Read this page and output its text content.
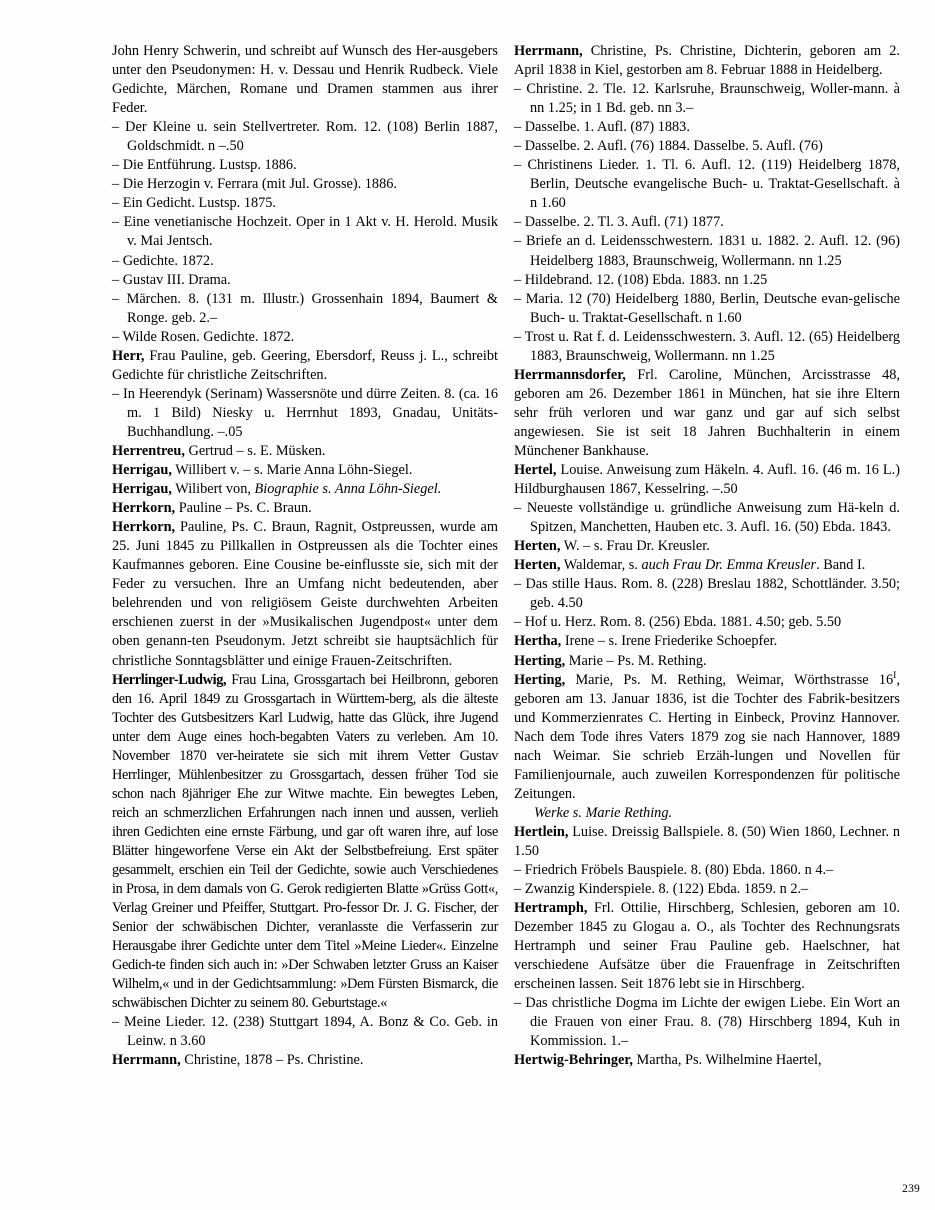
John Henry Schwerin, und schreibt auf Wunsch des Her-ausgebers unter den Pseudonymen: H. v. Dessau und Henrik Rudbeck. Viele Gedichte, Märchen, Romane und Dramen stammen aus ihrer Feder.

– Der Kleine u. sein Stellvertreter. Rom. 12. (108) Berlin 1887, Goldschmidt. n –.50

– Die Entführung. Lustsp. 1886.

– Die Herzogin v. Ferrara (mit Jul. Grosse). 1886.

– Ein Gedicht. Lustsp. 1875.

– Eine venetianische Hochzeit. Oper in 1 Akt v. H. Herold. Musik v. Mai Jentsch.

– Gedichte. 1872.

– Gustav III. Drama.

– Märchen. 8. (131 m. Illustr.) Grossenhain 1894, Baumert & Ronge. geb. 2.–

– Wilde Rosen. Gedichte. 1872.

Herr, Frau Pauline, geb. Geering, Ebersdorf, Reuss j. L., schreibt Gedichte für christliche Zeitschriften.

– In Heerendyk (Serinam) Wassersnöte und dürre Zeiten. 8. (ca. 16 m. 1 Bild) Niesky u. Herrnhut 1893, Gnadau, Unitäts-Buchhandlung. –.05

Herrentreu, Gertrud – s. E. Müsken.

Herrigau, Willibert v. – s. Marie Anna Löhn-Siegel.

Herrigau, Wilibert von, Biographie s. Anna Löhn-Siegel.

Herrkorn, Pauline – Ps. C. Braun.

Herrkorn, Pauline, Ps. C. Braun, Ragnit, Ostpreussen, wurde am 25. Juni 1845 zu Pillkallen in Ostpreussen als die Tochter eines Kaufmannes geboren. Eine Cousine be-einflusste sie, sich mit der Feder zu versuchen. Ihre an Umfang nicht bedeutenden, aber belehrenden und von religiösem Geiste durchwehten Arbeiten erschienen zuerst in der »Musikalischen Jugendpost« unter dem oben genann-ten Pseudonym. Jetzt schreibt sie hauptsächlich für christliche Sonntagsblätter und einige Frauen-Zeitschriften.

Herrlinger-Ludwig, Frau Lina, Grossgartach bei Heilbronn, geboren den 16. April 1849 zu Grossgartach in Württem-berg, als die älteste Tochter des Gutsbesitzers Karl Ludwig, hatte das Glück, ihre Jugend unter dem Auge eines hoch-begabten Vaters zu verleben. Am 10. November 1870 ver-heiratete sie sich mit ihrem Vetter Gustav Herrlinger, Mühlenbesitzer zu Grossgartach, dessen früher Tod sie schon nach 8jähriger Ehe zur Witwe machte. Ein bewegtes Leben, reich an schmerzlichen Erfahrungen nach innen und aussen, verlieh ihren Gedichten eine ernste Färbung, und gar oft waren ihre, auf lose Blätter hingeworfene Verse ein Akt der Selbstbefreiung. Erst später gesammelt, erschien ein Teil der Gedichte, sowie auch Verschiedenes in Prosa, in dem damals von G. Gerok redigierten Blatte »Grüss Gott«, Verlag Greiner und Pfeiffer, Stuttgart. Pro-fessor Dr. J. G. Fischer, der Senior der schwäbischen Dichter, veranlasste die Verfasserin zur Herausgabe ihrer Gedichte unter dem Titel »Meine Lieder«. Einzelne Gedich-te finden sich auch in: »Der Schwaben letzter Gruss an Kaiser Wilhelm,« und in der Gedichtsammlung: »Dem Fürsten Bismarck, die schwäbischen Dichter zu seinem 80. Geburtstage.«

– Meine Lieder. 12. (238) Stuttgart 1894, A. Bonz & Co. Geb. in Leinw. n 3.60

Herrmann, Christine, 1878 – Ps. Christine.

Herrmann, Christine, Ps. Christine, Dichterin, geboren am 2. April 1838 in Kiel, gestorben am 8. Februar 1888 in Heidelberg.

– Christine. 2. Tle. 12. Karlsruhe, Braunschweig, Woller-mann. à nn 1.25; in 1 Bd. geb. nn 3.–

– Dasselbe. 1. Aufl. (87) 1883.

– Dasselbe. 2. Aufl. (76) 1884. Dasselbe. 5. Aufl. (76)

– Christinens Lieder. 1. Tl. 6. Aufl. 12. (119) Heidelberg 1878, Berlin, Deutsche evangelische Buch- u. Traktat-Gesellschaft. à n 1.60

– Dasselbe. 2. Tl. 3. Aufl. (71) 1877.

– Briefe an d. Leidensschwestern. 1831 u. 1882. 2. Aufl. 12. (96) Heidelberg 1883, Braunschweig, Wollermann. nn 1.25

– Hildebrand. 12. (108) Ebda. 1883. nn 1.25

– Maria. 12 (70) Heidelberg 1880, Berlin, Deutsche evan-gelische Buch- u. Traktat-Gesellschaft. n 1.60

– Trost u. Rat f. d. Leidensschwestern. 3. Aufl. 12. (65) Heidelberg 1883, Braunschweig, Wollermann. nn 1.25

Herrmannsdorfer, Frl. Caroline, München, Arcisstrasse 48, geboren am 26. Dezember 1861 in München, hat sie ihre Eltern sehr früh verloren und war ganz und gar auf sich selbst angewiesen. Sie ist seit 18 Jahren Buchhalterin in einem Münchener Bankhause.

Hertel, Louise. Anweisung zum Häkeln. 4. Aufl. 16. (46 m. 16 L.) Hildburghausen 1867, Kesselring. –.50

– Neueste vollständige u. gründliche Anweisung zum Hä-keln d. Spitzen, Manchetten, Hauben etc. 3. Aufl. 16. (50) Ebda. 1843.

Herten, W. – s. Frau Dr. Kreusler.

Herten, Waldemar, s. auch Frau Dr. Emma Kreusler. Band I.

– Das stille Haus. Rom. 8. (228) Breslau 1882, Schottländer. 3.50; geb. 4.50

– Hof u. Herz. Rom. 8. (256) Ebda. 1881. 4.50; geb. 5.50

Hertha, Irene – s. Irene Friederike Schoepfer.

Herting, Marie – Ps. M. Rething.

Herting, Marie, Ps. M. Rething, Weimar, Wörthstrasse $16^I$, geboren am 13. Januar 1836, ist die Tochter des Fabrik-besitzers und Kommerzienrates C. Herting in Einbeck, Provinz Hannover. Nach dem Tode ihres Vaters 1879 zog sie nach Hannover, 1889 nach Weimar. Sie schrieb Erzäh-lungen und Novellen für Familienjournale, auch zuweilen Korrespondenzen für politische Zeitungen.

Werke s. Marie Rething.

Hertlein, Luise. Dreissig Ballspiele. 8. (50) Wien 1860, Lechner. n 1.50

– Friedrich Fröbels Bauspiele. 8. (80) Ebda. 1860. n 4.–

– Zwanzig Kinderspiele. 8. (122) Ebda. 1859. n 2.–

Hertramph, Frl. Ottilie, Hirschberg, Schlesien, geboren am 10. Dezember 1845 zu Glogau a. O., als Tochter des Rechnungsrats Hertramph und seiner Frau Pauline geb. Haelschner, hat verschiedene Aufsätze über die Frauenfrage in Zeitschriften erscheinen lassen. Seit 1876 lebt sie in Hirschberg.

– Das christliche Dogma im Lichte der ewigen Liebe. Ein Wort an die Frauen von einer Frau. 8. (78) Hirschberg 1894, Kuh in Kommission. 1.–

Hertwig-Behringer, Martha, Ps. Wilhelmine Haertel,

239
